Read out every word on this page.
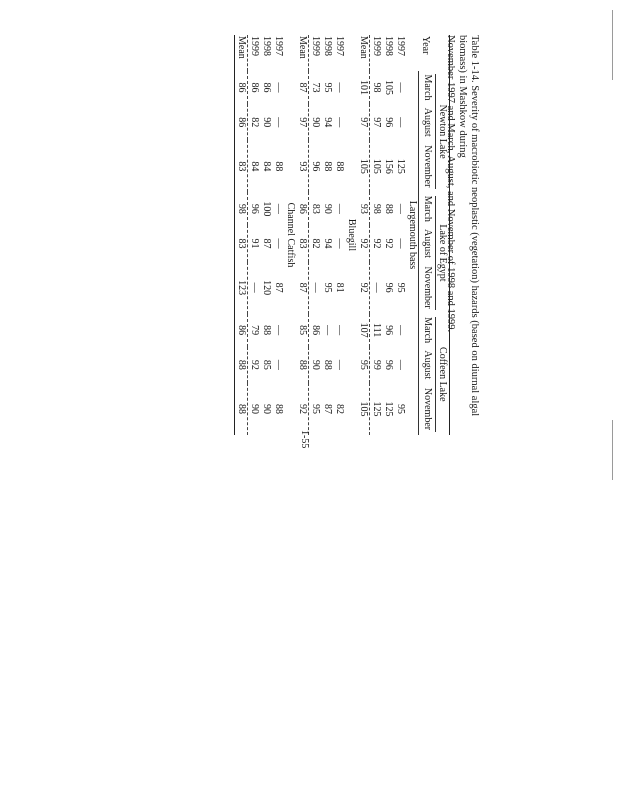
Table 1-14. Severity of macrobiotic neoplastic (vegetation) hazards (based on diurnal algal biomass) in Mashkow during
November 1997 and March, August, and November of 1998 and 1999.
Year	Newton Lake			Lake of Egypt			Coffeen Lake		
	March	August	November	March	August	November	March	August	November
Largemouth bass									
1997	—	—	125	—	—	95	—	—	95
1998	105	96	156	88	92	96	96	96	125
1999	98	97	105	98	92	—	111	99	125
Mean	101	97	105	93	92	92	107	95	105
Bluegill									
1997	—	—	88	—	—	81	—	—	82
1998	95	94	88	90	94	95	—	88	87
1999	73	90	96	83	82	—	86	90	95
Mean	87	97	93	86	83	87	85	88	92
Channel Catfish									
1997	—	—	88	—	—	87	—	—	88
1998	86	90	84	100	87	120	88	85	90
1999	86	82	84	96	91	—	79	92	90
Mean	86	86	83	98	83	123	86	88	88
1-55
